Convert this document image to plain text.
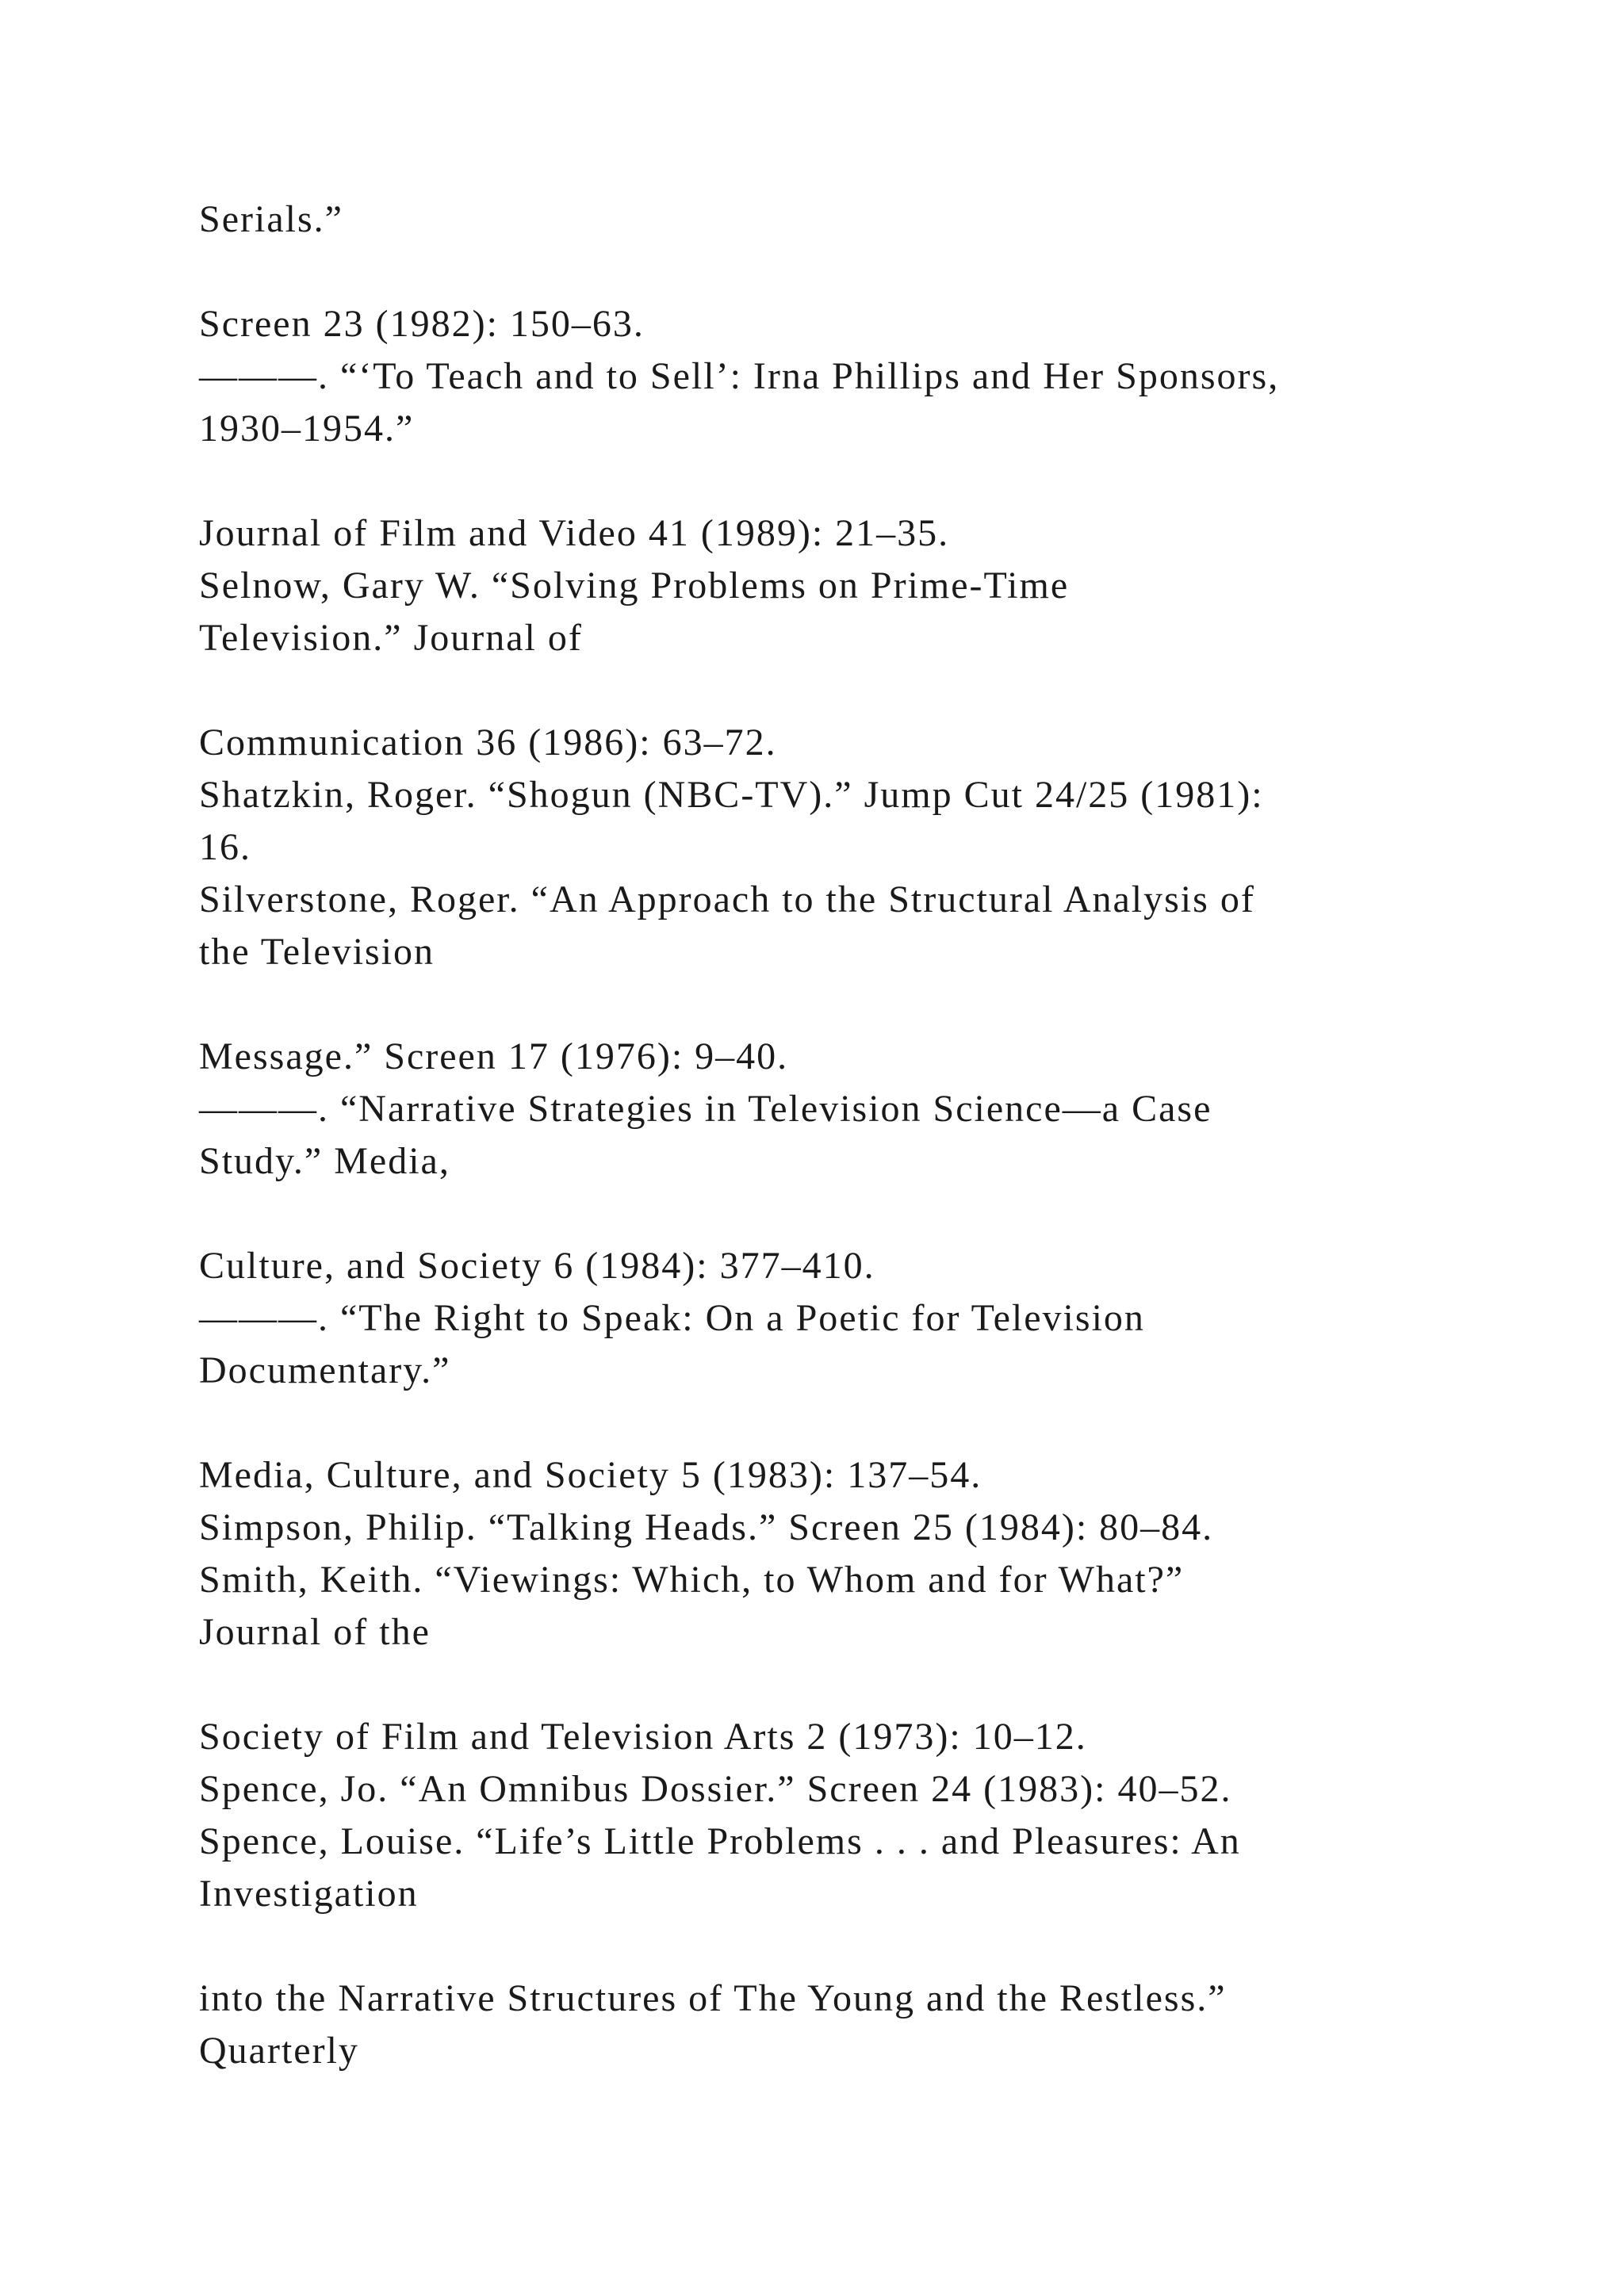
Serials.”
Screen 23 (1982): 150–63.
———. “‘To Teach and to Sell’: Irna Phillips and Her Sponsors,
1930–1954.”
Journal of Film and Video 41 (1989): 21–35.
Selnow, Gary W. “Solving Problems on Prime-Time
Television.” Journal of
Communication 36 (1986): 63–72.
Shatzkin, Roger. “Shogun (NBC-TV).” Jump Cut 24/25 (1981):
16.
Silverstone, Roger. “An Approach to the Structural Analysis of
the Television
Message.” Screen 17 (1976): 9–40.
———. “Narrative Strategies in Television Science—a Case
Study.” Media,
Culture, and Society 6 (1984): 377–410.
———. “The Right to Speak: On a Poetic for Television
Documentary.”
Media, Culture, and Society 5 (1983): 137–54.
Simpson, Philip. “Talking Heads.” Screen 25 (1984): 80–84.
Smith, Keith. “Viewings: Which, to Whom and for What?”
Journal of the
Society of Film and Television Arts 2 (1973): 10–12.
Spence, Jo. “An Omnibus Dossier.” Screen 24 (1983): 40–52.
Spence, Louise. “Life’s Little Problems . . . and Pleasures: An
Investigation
into the Narrative Structures of The Young and the Restless.”
Quarterly
